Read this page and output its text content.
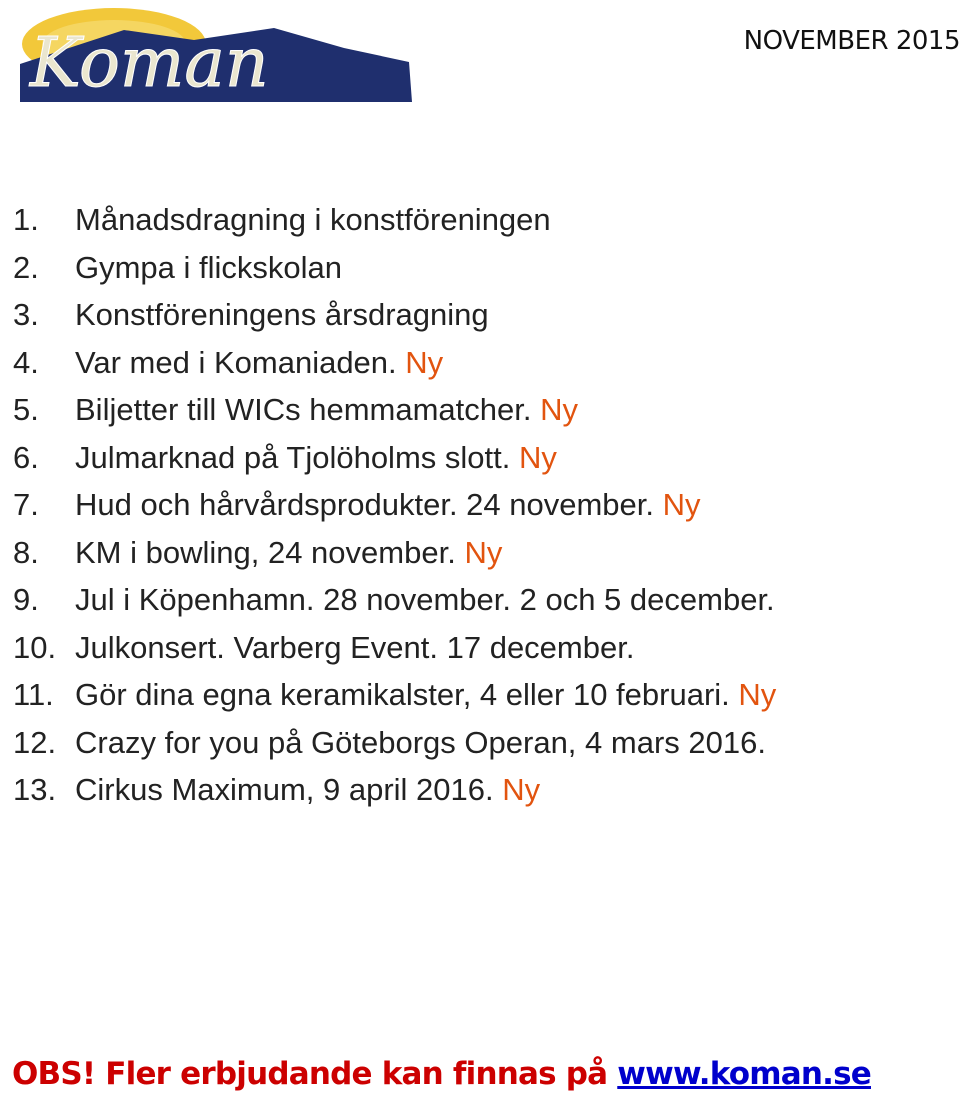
Koman	NOVEMBER 2015
1. Månadsdragning i konstföreningen
2. Gympa i flickskolan
3. Konstföreningens årsdragning
4. Var med i Komaniaden. Ny
5. Biljetter till WICs hemmamatcher. Ny
6. Julmarknad på Tjolöholms slott. Ny
7. Hud och hårvårdsprodukter. 24 november. Ny
8. KM i bowling, 24 november. Ny
9. Jul i Köpenhamn. 28 november. 2 och 5 december.
10. Julkonsert. Varberg Event. 17 december.
11. Gör dina egna keramikalster, 4 eller 10 februari. Ny
12. Crazy for you på Göteborgs Operan, 4 mars 2016.
13. Cirkus Maximum, 9 april 2016. Ny
OBS! Fler erbjudande kan finnas på www.koman.se
